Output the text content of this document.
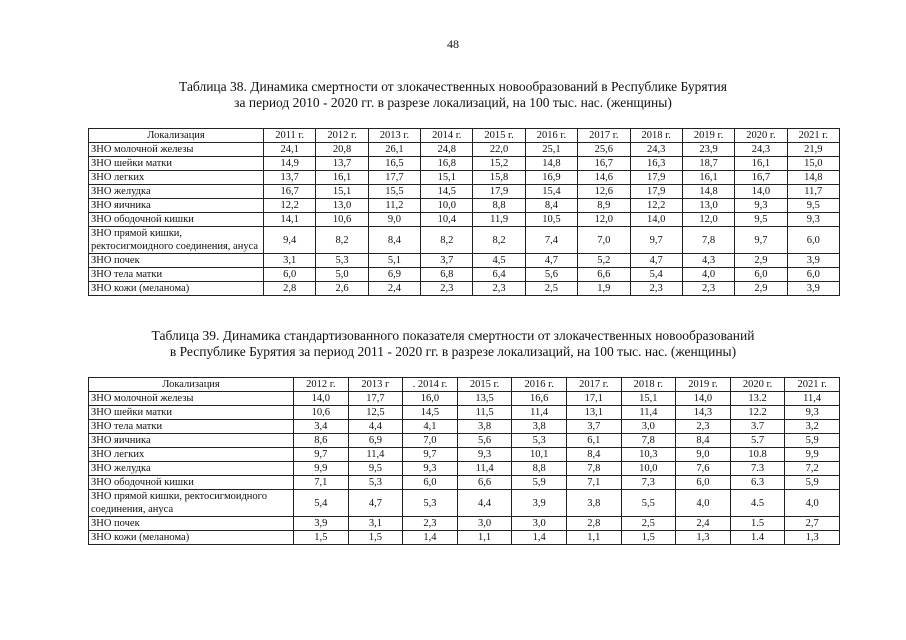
48
Таблица 38. Динамика смертности от злокачественных новообразований в Республике Бурятия
за период 2010 - 2020 гг. в разрезе локализаций, на 100 тыс. нас. (женщины)
Локализация	2011 г.	2012 г.	2013 г.	2014 г.	2015 г.	2016 г.	2017 г.	2018 г.	2019 г.	2020 г.	2021 г.
ЗНО молочной железы	24,1	20,8	26,1	24,8	22,0	25,1	25,6	24,3	23,9	24,3	21,9
ЗНО шейки матки	14,9	13,7	16,5	16,8	15,2	14,8	16,7	16,3	18,7	16,1	15,0
ЗНО легких	13,7	16,1	17,7	15,1	15,8	16,9	14,6	17,9	16,1	16,7	14,8
ЗНО желудка	16,7	15,1	15,5	14,5	17,9	15,4	12,6	17,9	14,8	14,0	11,7
ЗНО яичника	12,2	13,0	11,2	10,0	8,8	8,4	8,9	12,2	13,0	9,3	9,5
ЗНО ободочной кишки	14,1	10,6	9,0	10,4	11,9	10,5	12,0	14,0	12,0	9,5	9,3
ЗНО прямой кишки, ректосигмоидного соединения, ануса	9,4	8,2	8,4	8,2	8,2	7,4	7,0	9,7	7,8	9,7	6,0
ЗНО почек	3,1	5,3	5,1	3,7	4,5	4,7	5,2	4,7	4,3	2,9	3,9
ЗНО тела матки	6,0	5,0	6,9	6,8	6,4	5,6	6,6	5,4	4,0	6,0	6,0
ЗНО кожи (меланома)	2,8	2,6	2,4	2,3	2,3	2,5	1,9	2,3	2,3	2,9	3,9
Таблица 39. Динамика стандартизованного показателя смертности от злокачественных новообразований
в Республике Бурятия за период 2011 - 2020 гг. в разрезе локализаций, на 100 тыс. нас. (женщины)
Локализация	2012 г.	2013 г	. 2014 г.	2015 г.	2016 г.	2017 г.	2018 г.	2019 г.	2020 г.	2021 г.
ЗНО молочной железы	14,0	17,7	16,0	13,5	16,6	17,1	15,1	14,0	13.2	11,4
ЗНО шейки матки	10,6	12,5	14,5	11,5	11,4	13,1	11,4	14,3	12.2	9,3
ЗНО тела матки	3,4	4,4	4,1	3,8	3,8	3,7	3,0	2,3	3.7	3,2
ЗНО яичника	8,6	6,9	7,0	5,6	5,3	6,1	7,8	8,4	5.7	5,9
ЗНО легких	9,7	11,4	9,7	9,3	10,1	8,4	10,3	9,0	10.8	9,9
ЗНО желудка	9,9	9,5	9,3	11,4	8,8	7,8	10,0	7,6	7.3	7,2
ЗНО ободочной кишки	7,1	5,3	6,0	6,6	5,9	7,1	7,3	6,0	6.3	5,9
ЗНО прямой кишки, ректосигмоидного соединения, ануса	5,4	4,7	5,3	4,4	3,9	3,8	5,5	4,0	4.5	4,0
ЗНО почек	3,9	3,1	2,3	3,0	3,0	2,8	2,5	2,4	1.5	2,7
ЗНО кожи (меланома)	1,5	1,5	1,4	1,1	1,4	1,1	1,5	1,3	1.4	1,3
